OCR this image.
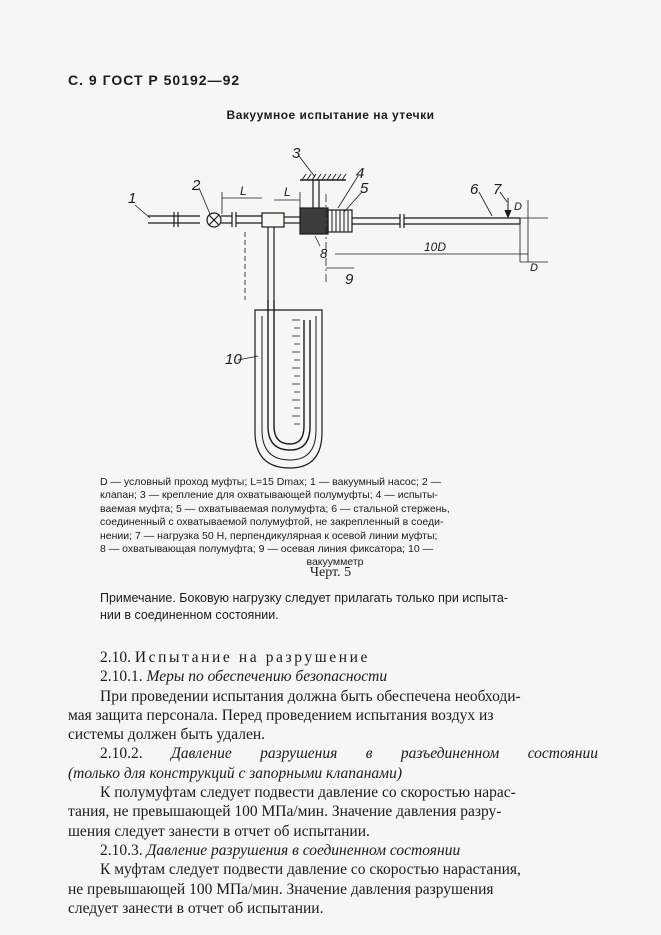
С. 9 ГОСТ Р 50192—92
Вакуумное испытание на утечки
1
2
3
4
5	6 7
8
9
10
L	L
10D
D
D
D — условный проход муфты; L=15 Dmax; 1 — вакуумный насос; 2 —
клапан; 3 — крепление для охватывающей полумуфты; 4 — испыты-
ваемая муфта; 5 — охватываемая полумуфта; 6 — стальной стержень,
соединенный с охватываемой полумуфтой, не закрепленный в соеди-
нении; 7 — нагрузка 50 Н, перпендикулярная к осевой линии муфты;
8 — охватывающая полумуфта; 9 — осевая линия фиксатора; 10 —
вакуумметр
Черт. 5
Примечание. Боковую нагрузку следует прилагать только при испыта-
нии в соединенном состоянии.
2.10. Испытание на разрушение
2.10.1. Меры по обеспечению безопасности
При проведении испытания должна быть обеспечена необходи-
мая защита персонала. Перед проведением испытания воздух из
системы должен быть удален.
2.10.2. Давление разрушения в разъединенном состоянии
(только для конструкций с запорными клапанами)
К полумуфтам следует подвести давление со скоростью нарас-
тания, не превышающей 100 МПа/мин. Значение давления разру-
шения следует занести в отчет об испытании.
2.10.3. Давление разрушения в соединенном состоянии
К муфтам следует подвести давление со скоростью нарастания,
не превышающей 100 МПа/мин. Значение давления разрушения
следует занести в отчет об испытании.
